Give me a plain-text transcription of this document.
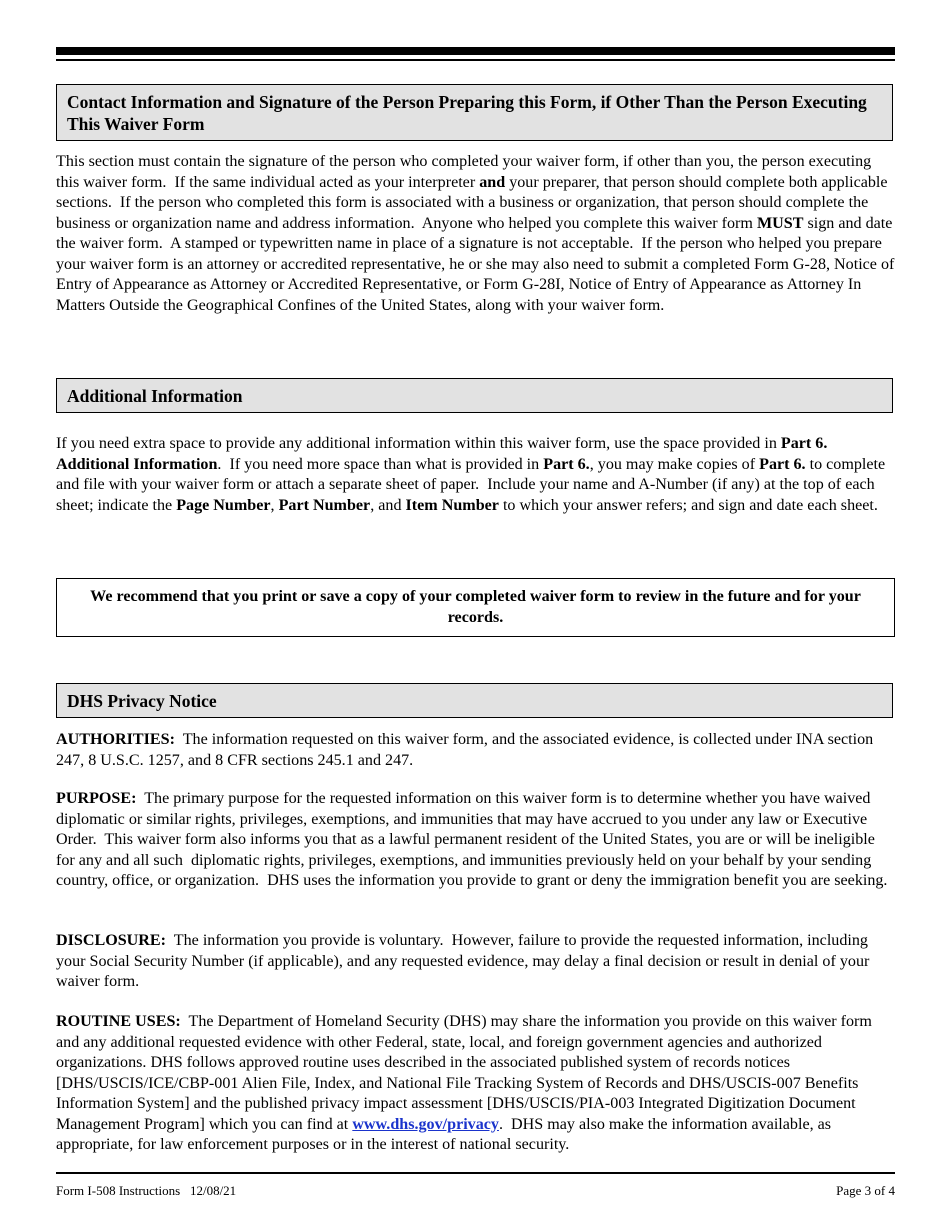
Contact Information and Signature of the Person Preparing this Form, if Other Than the Person Executing This Waiver Form

This section must contain the signature of the person who completed your waiver form, if other than you, the person executing this waiver form.  If the same individual acted as your interpreter and your preparer, that person should complete both applicable sections.  If the person who completed this form is associated with a business or organization, that person should complete the business or organization name and address information.  Anyone who helped you complete this waiver form MUST sign and date the waiver form.  A stamped or typewritten name in place of a signature is not acceptable.  If the person who helped you prepare your waiver form is an attorney or accredited representative, he or she may also need to submit a completed Form G-28, Notice of Entry of Appearance as Attorney or Accredited Representative, or Form G-28I, Notice of Entry of Appearance as Attorney In Matters Outside the Geographical Confines of the United States, along with your waiver form.

Additional Information

If you need extra space to provide any additional information within this waiver form, use the space provided in Part 6. Additional Information.  If you need more space than what is provided in Part 6., you may make copies of Part 6. to complete and file with your waiver form or attach a separate sheet of paper.  Include your name and A-Number (if any) at the top of each sheet; indicate the Page Number, Part Number, and Item Number to which your answer refers; and sign and date each sheet.

We recommend that you print or save a copy of your completed waiver form to review in the future and for your records.
DHS Privacy Notice

AUTHORITIES:  The information requested on this waiver form, and the associated evidence, is collected under INA section 247, 8 U.S.C. 1257, and 8 CFR sections 245.1 and 247.

PURPOSE:  The primary purpose for the requested information on this waiver form is to determine whether you have waived diplomatic or similar rights, privileges, exemptions, and immunities that may have accrued to you under any law or Executive Order.  This waiver form also informs you that as a lawful permanent resident of the United States, you are or will be ineligible for any and all such  diplomatic rights, privileges, exemptions, and immunities previously held on your behalf by your sending country, office, or organization.  DHS uses the information you provide to grant or deny the immigration benefit you are seeking.

DISCLOSURE:  The information you provide is voluntary.  However, failure to provide the requested information, including your Social Security Number (if applicable), and any requested evidence, may delay a final decision or result in denial of your waiver form.

ROUTINE USES:  The Department of Homeland Security (DHS) may share the information you provide on this waiver form and any additional requested evidence with other Federal, state, local, and foreign government agencies and authorized organizations. DHS follows approved routine uses described in the associated published system of records notices [DHS/USCIS/ICE/CBP-001 Alien File, Index, and National File Tracking System of Records and DHS/USCIS-007 Benefits Information System] and the published privacy impact assessment [DHS/USCIS/PIA-003 Integrated Digitization Document Management Program] which you can find at www.dhs.gov/privacy.  DHS may also make the information available, as appropriate, for law enforcement purposes or in the interest of national security.

Form I-508 Instructions   12/08/21	Page 3 of 4
